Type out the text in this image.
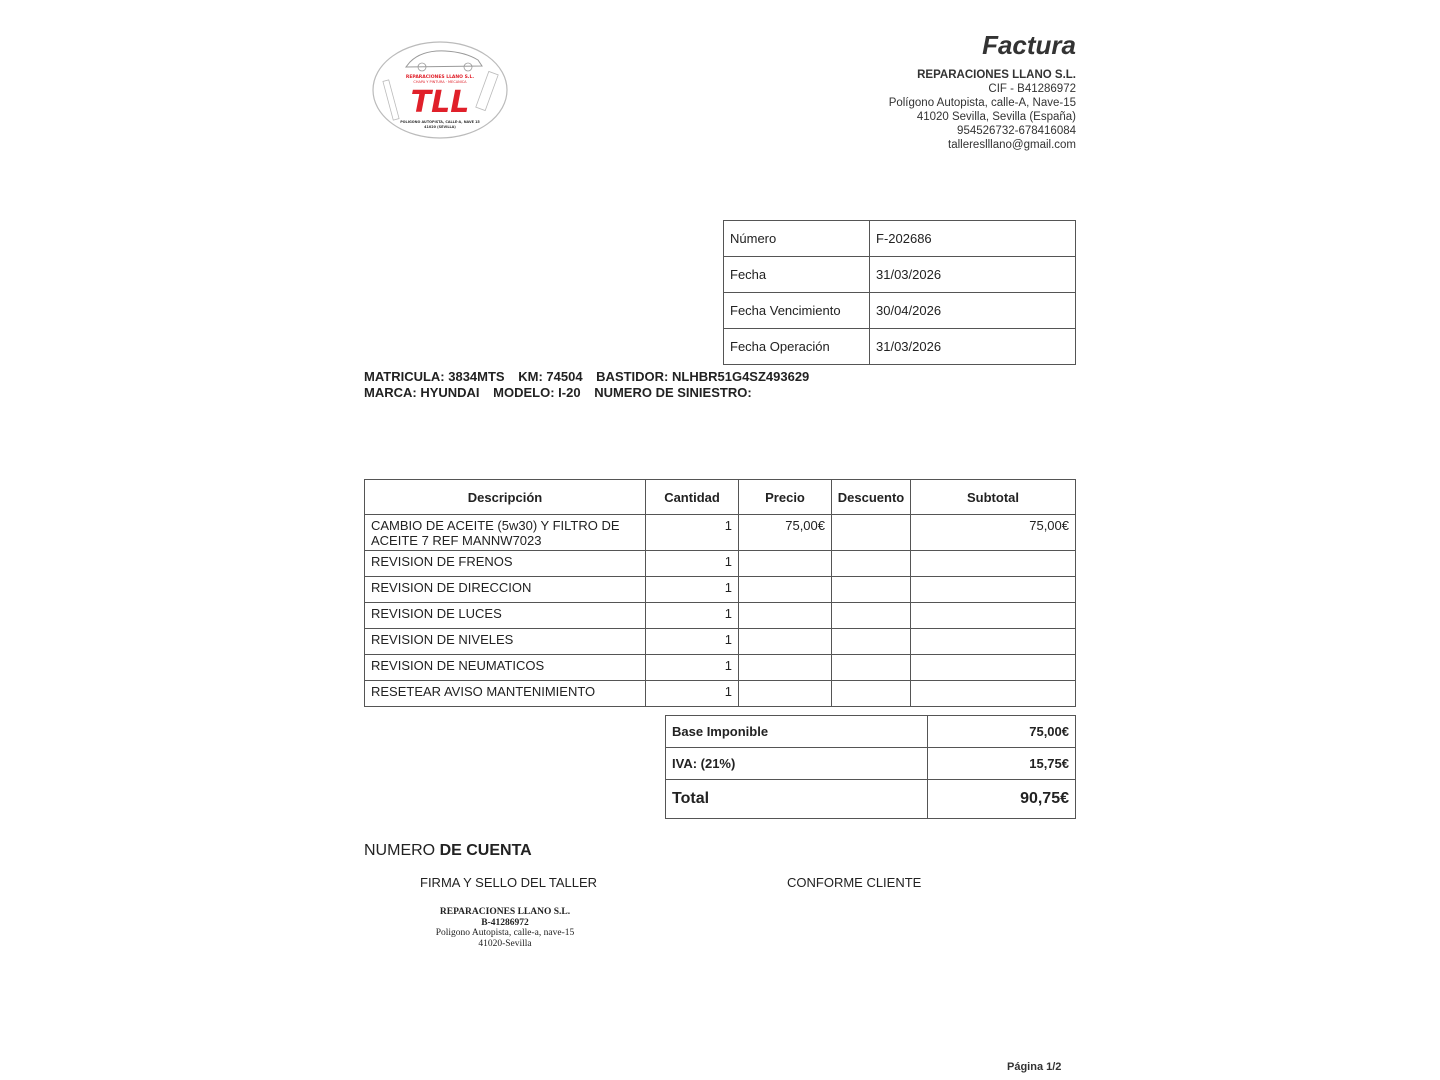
REPARACIONES LLANO S.L.
CHAPA Y PINTURA · MECANICA
TLL
POLIGONO AUTOPISTA, CALLE-A, NAVE 15
41020 (SEVILLA)
Factura
REPARACIONES LLANO S.L.
CIF - B41286972
Polígono Autopista, calle-A, Nave-15
41020 Sevilla, Sevilla (España)
954526732-678416084
tallereslllano@gmail.com
Número	F-202686
Fecha	31/03/2026
Fecha Vencimiento	30/04/2026
Fecha Operación	31/03/2026
MATRICULA: 3834MTS KM: 74504 BASTIDOR: NLHBR51G4SZ493629
MARCA: HYUNDAI MODELO: I-20 NUMERO DE SINIESTRO:
Descripción	Cantidad	Precio	Descuento	Subtotal
CAMBIO DE ACEITE (5w30) Y FILTRO DE ACEITE 7 REF MANNW7023	1	75,00€		75,00€
REVISION DE FRENOS	1			
REVISION DE DIRECCION	1			
REVISION DE LUCES	1			
REVISION DE NIVELES	1			
REVISION DE NEUMATICOS	1			
RESETEAR AVISO MANTENIMIENTO	1			
Base Imponible	75,00€
IVA: (21%)	15,75€
Total	90,75€
NUMERO DE CUENTA
FIRMA Y SELLO DEL TALLER	CONFORME CLIENTE
REPARACIONES LLANO S.L.
B-41286972
Poligono Autopista, calle-a, nave-15
41020-Sevilla
Página 1/2
